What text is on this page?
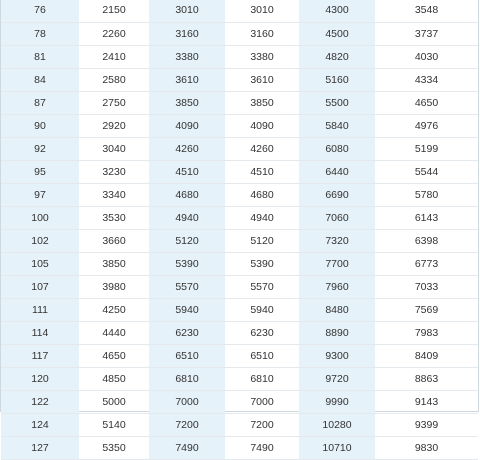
76	2150	3010	3010	4300	3548
78	2260	3160	3160	4500	3737
81	2410	3380	3380	4820	4030
84	2580	3610	3610	5160	4334
87	2750	3850	3850	5500	4650
90	2920	4090	4090	5840	4976
92	3040	4260	4260	6080	5199
95	3230	4510	4510	6440	5544
97	3340	4680	4680	6690	5780
100	3530	4940	4940	7060	6143
102	3660	5120	5120	7320	6398
105	3850	5390	5390	7700	6773
107	3980	5570	5570	7960	7033
111	4250	5940	5940	8480	7569
114	4440	6230	6230	8890	7983
117	4650	6510	6510	9300	8409
120	4850	6810	6810	9720	8863
122	5000	7000	7000	9990	9143
124	5140	7200	7200	10280	9399
127	5350	7490	7490	10710	9830
